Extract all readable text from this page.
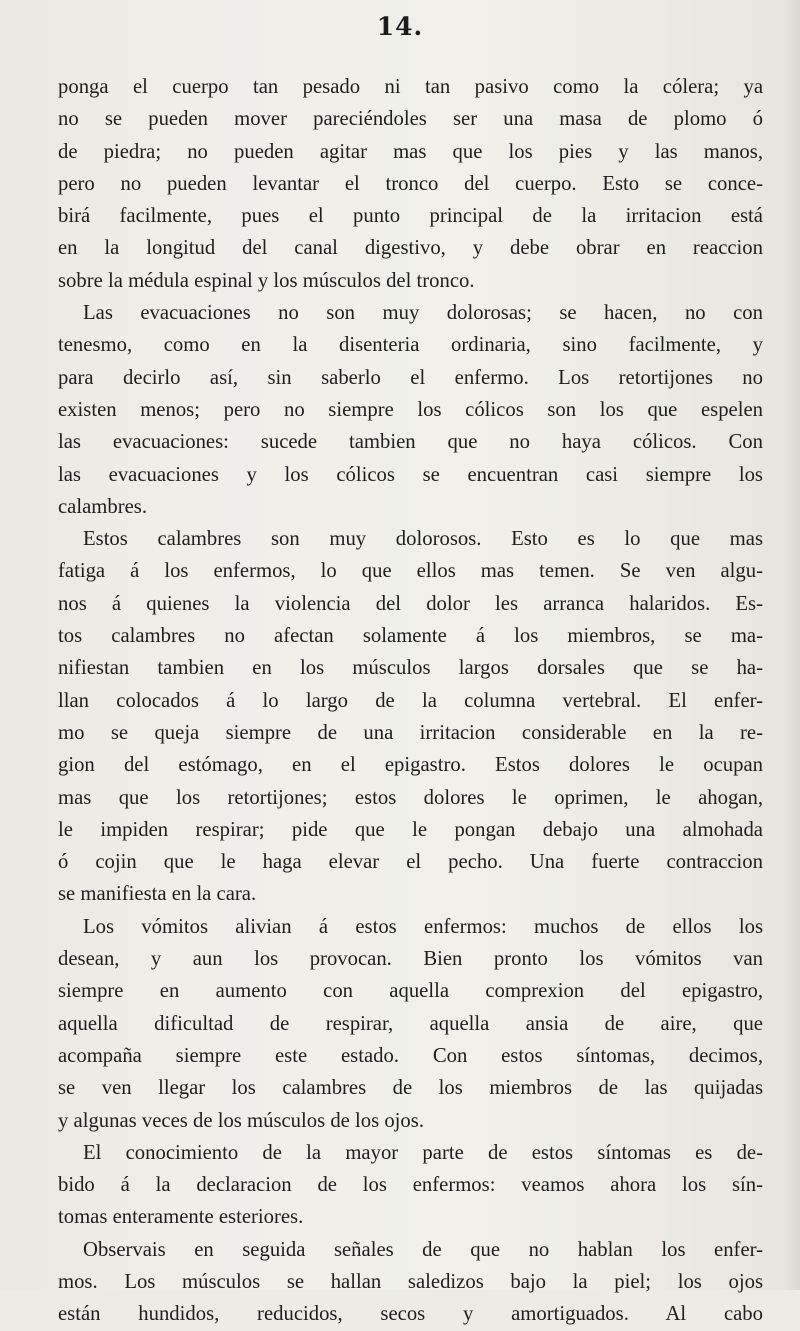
14.
ponga el cuerpo tan pesado ni tan pasivo como la cólera; ya
no se pueden mover pareciéndoles ser una masa de plomo ó
de piedra; no pueden agitar mas que los pies y las manos,
pero no pueden levantar el tronco del cuerpo. Esto se conce-
birá facilmente, pues el punto principal de la irritacion está
en la longitud del canal digestivo, y debe obrar en reaccion
sobre la médula espinal y los músculos del tronco.
Las evacuaciones no son muy dolorosas; se hacen, no con
tenesmo, como en la disenteria ordinaria, sino facilmente, y
para decirlo así, sin saberlo el enfermo. Los retortijones no
existen menos; pero no siempre los cólicos son los que espelen
las evacuaciones: sucede tambien que no haya cólicos. Con
las evacuaciones y los cólicos se encuentran casi siempre los
calambres.
Estos calambres son muy dolorosos. Esto es lo que mas
fatiga á los enfermos, lo que ellos mas temen. Se ven algu-
nos á quienes la violencia del dolor les arranca halaridos. Es-
tos calambres no afectan solamente á los miembros, se ma-
nifiestan tambien en los músculos largos dorsales que se ha-
llan colocados á lo largo de la columna vertebral. El enfer-
mo se queja siempre de una irritacion considerable en la re-
gion del estómago, en el epigastro. Estos dolores le ocupan
mas que los retortijones; estos dolores le oprimen, le ahogan,
le impiden respirar; pide que le pongan debajo una almohada
ó cojin que le haga elevar el pecho. Una fuerte contraccion
se manifiesta en la cara.
Los vómitos alivian á estos enfermos: muchos de ellos los
desean, y aun los provocan. Bien pronto los vómitos van
siempre en aumento con aquella comprexion del epigastro,
aquella dificultad de respirar, aquella ansia de aire, que
acompaña siempre este estado. Con estos síntomas, decimos,
se ven llegar los calambres de los miembros de las quijadas
y algunas veces de los músculos de los ojos.
El conocimiento de la mayor parte de estos síntomas es de-
bido á la declaracion de los enfermos: veamos ahora los sín-
tomas enteramente esteriores.
Observais en seguida señales de que no hablan los enfer-
mos. Los músculos se hallan saledizos bajo la piel; los ojos
están hundidos, reducidos, secos y amortiguados. Al cabo
